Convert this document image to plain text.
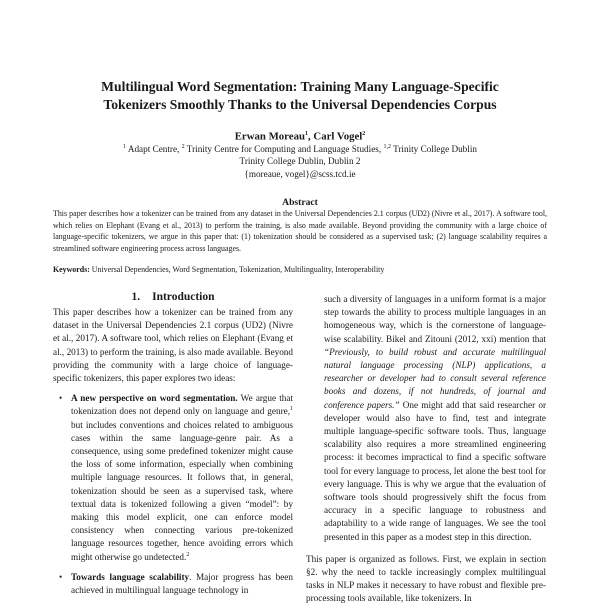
Multilingual Word Segmentation: Training Many Language-Specific
Tokenizers Smoothly Thanks to the Universal Dependencies Corpus
Erwan Moreau$^1$, Carl Vogel$^2$
$^1$ Adapt Centre, $^2$ Trinity Centre for Computing and Language Studies, $^{1,2}$ Trinity College Dublin
Trinity College Dublin, Dublin 2
{moreaue, vogel}@scss.tcd.ie
Abstract
This paper describes how a tokenizer can be trained from any dataset in the Universal Dependencies 2.1 corpus (UD2) (Nivre et al., 2017). A software tool, which relies on Elephant (Evang et al., 2013) to perform the training, is also made available. Beyond providing the community with a large choice of language-specific tokenizers, we argue in this paper that: (1) tokenization should be considered as a supervised task; (2) language scalability requires a streamlined software engineering process across languages.
Keywords: Universal Dependencies, Word Segmentation, Tokenization, Multilinguality, Interoperability
1. Introduction

This paper describes how a tokenizer can be trained from any dataset in the Universal Dependencies 2.1 corpus (UD2) (Nivre et al., 2017). A software tool, which relies on Elephant (Evang et al., 2013) to perform the training, is also made available. Beyond providing the community with a large choice of language-specific tokenizers, this paper explores two ideas:

• A new perspective on word segmentation. We argue that tokenization does not depend only on language and genre,$^1$ but includes conventions and choices related to ambiguous cases within the same language-genre pair. As a consequence, using some predefined tokenizer might cause the loss of some information, especially when combining multiple language resources. It follows that, in general, tokenization should be seen as a supervised task, where textual data is tokenized following a given “model”: by making this model explicit, one can enforce model consistency when connecting various pre-tokenized language resources together, hence avoiding errors which might otherwise go undetected.$^2$
• Towards language scalability. Major progress has been achieved in multilingual language technology in
such a diversity of languages in a uniform format is a major step towards the ability to process multiple languages in an homogeneous way, which is the cornerstone of language-wise scalability. Bikel and Zitouni (2012, xxi) mention that “Previously, to build robust and accurate multilingual natural language processing (NLP) applications, a researcher or developer had to consult several reference books and dozens, if not hundreds, of journal and conference papers.” One might add that said researcher or developer would also have to find, test and integrate multiple language-specific software tools. Thus, language scalability also requires a more streamlined engineering process: it becomes impractical to find a specific software tool for every language to process, let alone the best tool for every language. This is why we argue that the evaluation of software tools should progressively shift the focus from accuracy in a specific language to robustness and adaptability to a wide range of languages. We see the tool presented in this paper as a modest step in this direction.

This paper is organized as follows. First, we explain in section §2. why the need to tackle increasingly complex multilingual tasks in NLP makes it necessary to have robust and flexible pre-processing tools available, like tokenizers. In
